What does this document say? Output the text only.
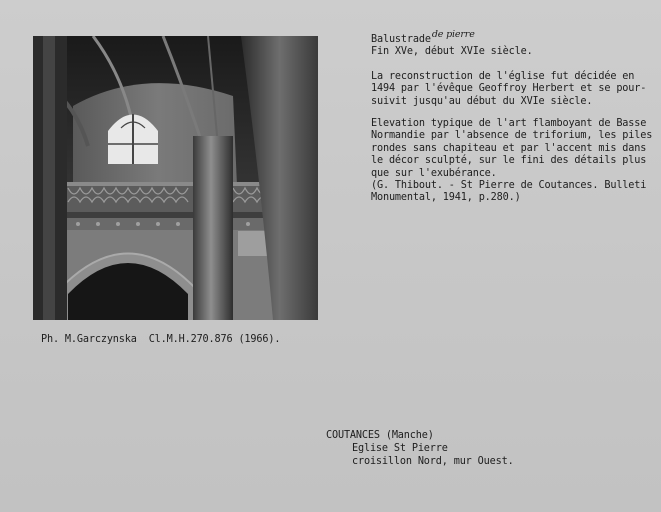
Balustradede pierre
Fin XVe, début XVIe siècle.
La reconstruction de l'église fut décidée en
1494 par l'évêque Geoffroy Herbert et se pour-
suivit jusqu'au début du XVIe siècle.
Elevation typique de l'art flamboyant de Basse
Normandie par l'absence de triforium, les piles
rondes sans chapiteau et par l'accent mis dans
le décor sculpté, sur le fini des détails plus
que sur l'exubérance.
(G. Thibout. - St Pierre de Coutances. Bulleti
Monumental, 1941, p.280.)
Ph. M.Garczynska  Cl.M.H.270.876 (1966).
COUTANCES (Manche)
Eglise St Pierre
croisillon Nord, mur Ouest.
